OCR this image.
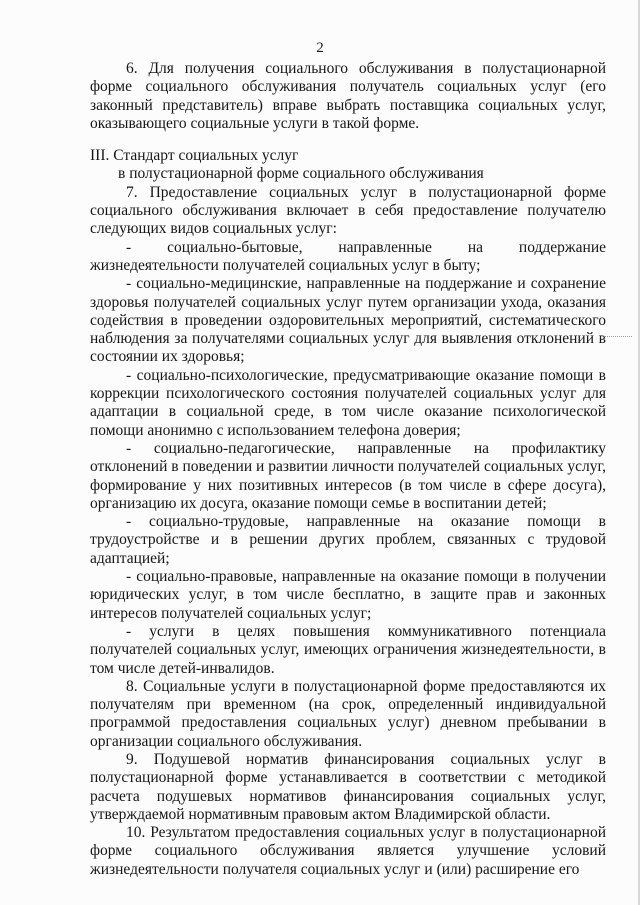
2

6. Для получения социального обслуживания в полустационарной форме социального обслуживания получатель социальных услуг (его законный представитель) вправе выбрать поставщика социальных услуг, оказывающего социальные услуги в такой форме.

III. Стандарт социальных услуг
в полустационарной форме социального обслуживания

7. Предоставление социальных услуг в полустационарной форме социального обслуживания включает в себя предоставление получателю следующих видов социальных услуг:

- социально-бытовые, направленные на поддержание жизнедеятельности получателей социальных услуг в быту;

- социально-медицинские, направленные на поддержание и сохранение здоровья получателей социальных услуг путем организации ухода, оказания содействия в проведении оздоровительных мероприятий, систематического наблюдения за получателями социальных услуг для выявления отклонений в состоянии их здоровья;

- социально-психологические, предусматривающие оказание помощи в коррекции психологического состояния получателей социальных услуг для адаптации в социальной среде, в том числе оказание психологической помощи анонимно с использованием телефона доверия;

- социально-педагогические, направленные на профилактику отклонений в поведении и развитии личности получателей социальных услуг, формирование у них позитивных интересов (в том числе в сфере досуга), организацию их досуга, оказание помощи семье в воспитании детей;

- социально-трудовые, направленные на оказание помощи в трудоустройстве и в решении других проблем, связанных с трудовой адаптацией;

- социально-правовые, направленные на оказание помощи в получении юридических услуг, в том числе бесплатно, в защите прав и законных интересов получателей социальных услуг;

- услуги в целях повышения коммуникативного потенциала получателей социальных услуг, имеющих ограничения жизнедеятельности, в том числе детей-инвалидов.

8. Социальные услуги в полустационарной форме предоставляются их получателям при временном (на срок, определенный индивидуальной программой предоставления социальных услуг) дневном пребывании в организации социального обслуживания.

9. Подушевой норматив финансирования социальных услуг в полустационарной форме устанавливается в соответствии с методикой расчета подушевых нормативов финансирования социальных услуг, утверждаемой нормативным правовым актом Владимирской области.

10. Результатом предоставления социальных услуг в полустационарной форме социального обслуживания является улучшение условий жизнедеятельности получателя социальных услуг и (или) расширение его
